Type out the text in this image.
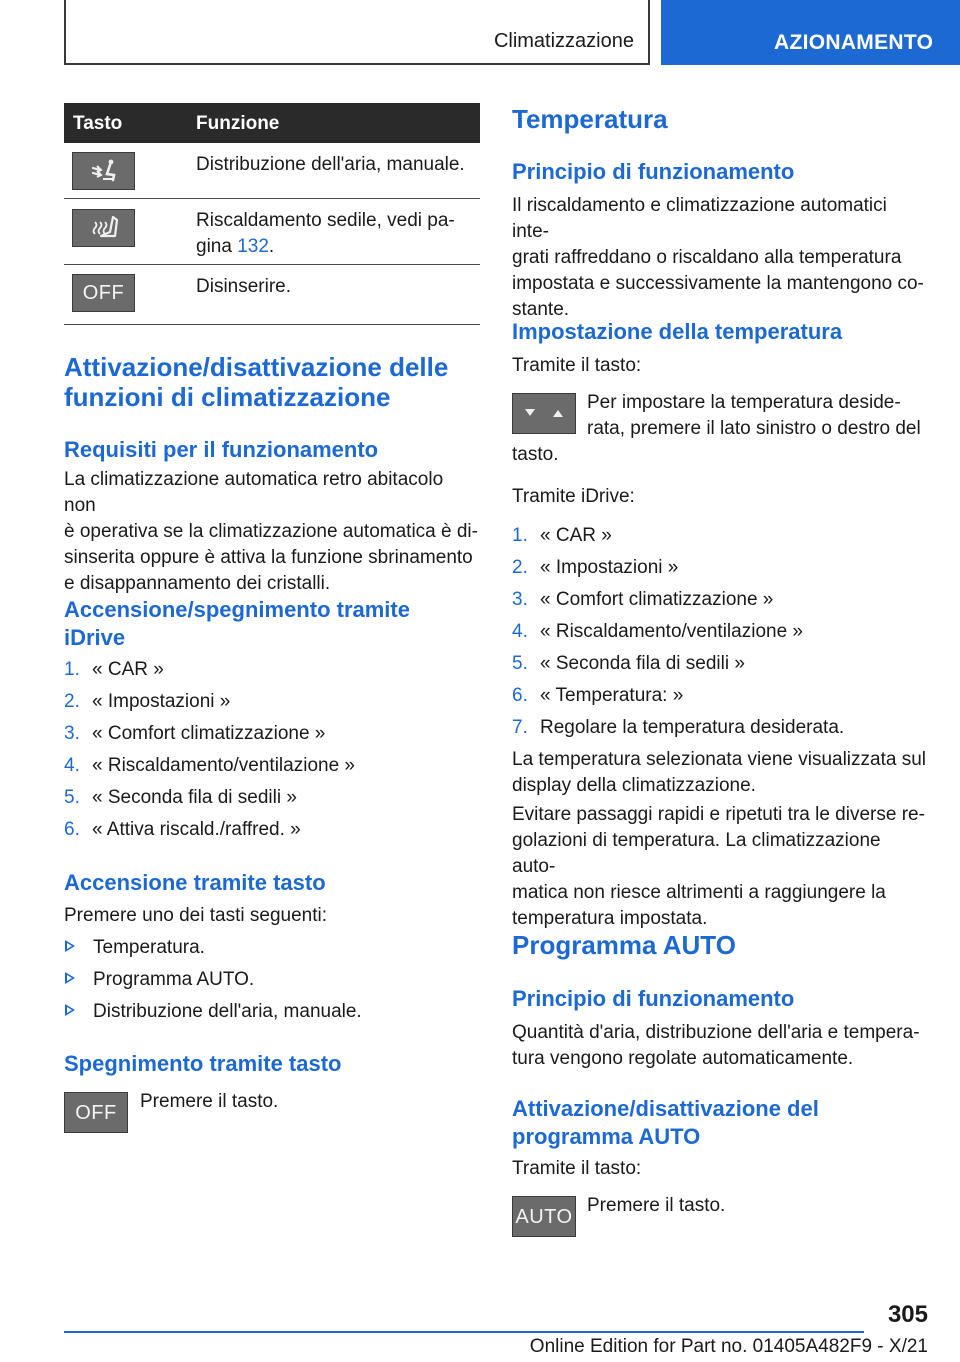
Climatizzazione	AZIONAMENTO
Tasto	Funzione
Distribuzione dell'aria, manuale.
Riscaldamento sedile, vedi pa-
gina 132.
OFF	Disinserire.
Attivazione/disattivazione delle
funzioni di climatizzazione
Requisiti per il funzionamento

La climatizzazione automatica retro abitacolo non
è operativa se la climatizzazione automatica è di-
sinserita oppure è attiva la funzione sbrinamento
e disappannamento dei cristalli.

Accensione/spegnimento tramite
iDrive
1. « CAR »
2. « Impostazioni »
3. « Comfort climatizzazione »
4. « Riscaldamento/ventilazione »
5. « Seconda fila di sedili »
6. « Attiva riscald./raffred. »
Accensione tramite tasto

Premere uno dei tasti seguenti:

Temperatura.
Programma AUTO.
Distribuzione dell'aria, manuale.
Spegnimento tramite tasto
OFF

Premere il tasto.

Temperatura
Principio di funzionamento

Il riscaldamento e climatizzazione automatici inte-
grati raffreddano o riscaldano alla temperatura
impostata e successivamente la mantengono co-
stante.

Impostazione della temperatura

Tramite il tasto:

Per impostare la temperatura deside-
rata, premere il lato sinistro o destro del

tasto.

Tramite iDrive:

1. « CAR »
2. « Impostazioni »
3. « Comfort climatizzazione »
4. « Riscaldamento/ventilazione »
5. « Seconda fila di sedili »
6. « Temperatura: »
7. Regolare la temperatura desiderata.

La temperatura selezionata viene visualizzata sul
display della climatizzazione.

Evitare passaggi rapidi e ripetuti tra le diverse re-
golazioni di temperatura. La climatizzazione auto-
matica non riesce altrimenti a raggiungere la
temperatura impostata.

Programma AUTO
Principio di funzionamento

Quantità d'aria, distribuzione dell'aria e tempera-
tura vengono regolate automaticamente.

Attivazione/disattivazione del
programma AUTO

Tramite il tasto:

AUTO

Premere il tasto.

305
Online Edition for Part no. 01405A482F9 - X/21
